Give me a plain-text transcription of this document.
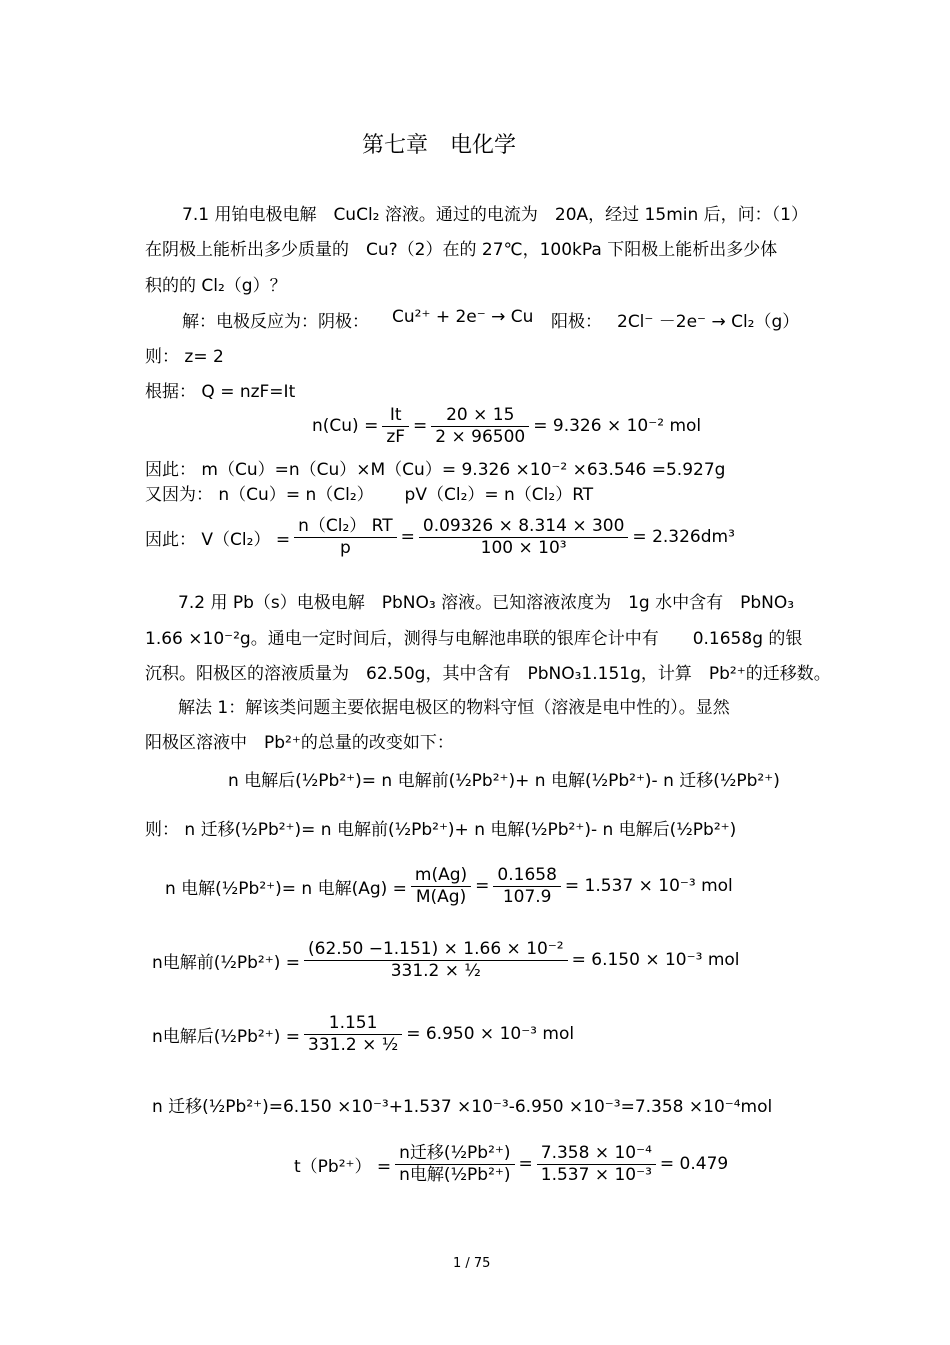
第七章　电化学
7.1 用铂电极电解　CuCl₂ 溶液。通过的电流为　20A，经过 15min 后，问：（1）
在阴极上能析出多少质量的　Cu?（2）在的 27℃，100kPa 下阳极上能析出多少体
积的的 Cl₂（g）？
解：电极反应为：阴极： Cu²⁺ + 2e⁻ → Cu 阳极： 2Cl⁻ －2e⁻ → Cl₂（g）
则： z= 2
根据： Q = nzF=It
$n(Cu) = \frac{It}{zF} = \frac{20 \times 15}{2 \times 96500} = 9.326 \times 10^{-2}$ mol
因此： m（Cu）=n（Cu）×M（Cu）= 9.326 ×10⁻² ×63.546 =5.927g
又因为： n（Cu）= n（Cl₂）　　 pV（Cl₂）= n（Cl₂）RT
因此： $V(Cl_2) = \frac{\text{n（Cl₂） RT}}{p} = \frac{0.09326 \times 8.314 \times 300}{\text{100 × 10³}} = 2.326dm^3$
7.2 用 Pb（s）电极电解　PbNO₃ 溶液。已知溶液浓度为　1g 水中含有　PbNO₃
1.66 ×10⁻²g。通电一定时间后，测得与电解池串联的银库仑计中有　　0.1658g 的银
沉积。阳极区的溶液质量为　62.50g，其中含有　PbNO₃1.151g，计算　Pb²⁺的迁移数。
解法 1：解该类问题主要依据电极区的物料守恒（溶液是电中性的）。显然
阳极区溶液中　Pb²⁺的总量的改变如下：
n 电解后(½Pb²⁺)= n 电解前(½Pb²⁺)+ n 电解(½Pb²⁺)- n 迁移(½Pb²⁺)
则： n 迁移(½Pb²⁺)= n 电解前(½Pb²⁺)+ n 电解(½Pb²⁺)- n 电解后(½Pb²⁺)
n 电解(½Pb²⁺)= n 电解$(Ag) = \frac{m(Ag)}{M(Ag)} = \frac{0.1658}{107.9} = 1.537 \times 10^{-3}$ mol
n电解前(½Pb²⁺) = $\frac{\text{(62.50 −1.151) × 1.66 × 10⁻²}}{\text{331.2 × ½}} = 6.150 \times 10^{-3}$ mol
n电解后(½Pb²⁺) = $\frac{1.151}{\text{331.2 × ½}} = 6.950 \times 10^{-3}$ mol
n 迁移(½Pb²⁺)=6.150 ×10⁻³+1.537 ×10⁻³-6.950 ×10⁻³=7.358 ×10⁻⁴mol
$t(Pb^{2+}) = \frac{\text{n迁移(½Pb²⁺)}}{\text{n电解(½Pb²⁺)}} = \frac{\text{7.358 × 10⁻⁴}}{\text{1.537 × 10⁻³}} = 0.479$
1 / 75
